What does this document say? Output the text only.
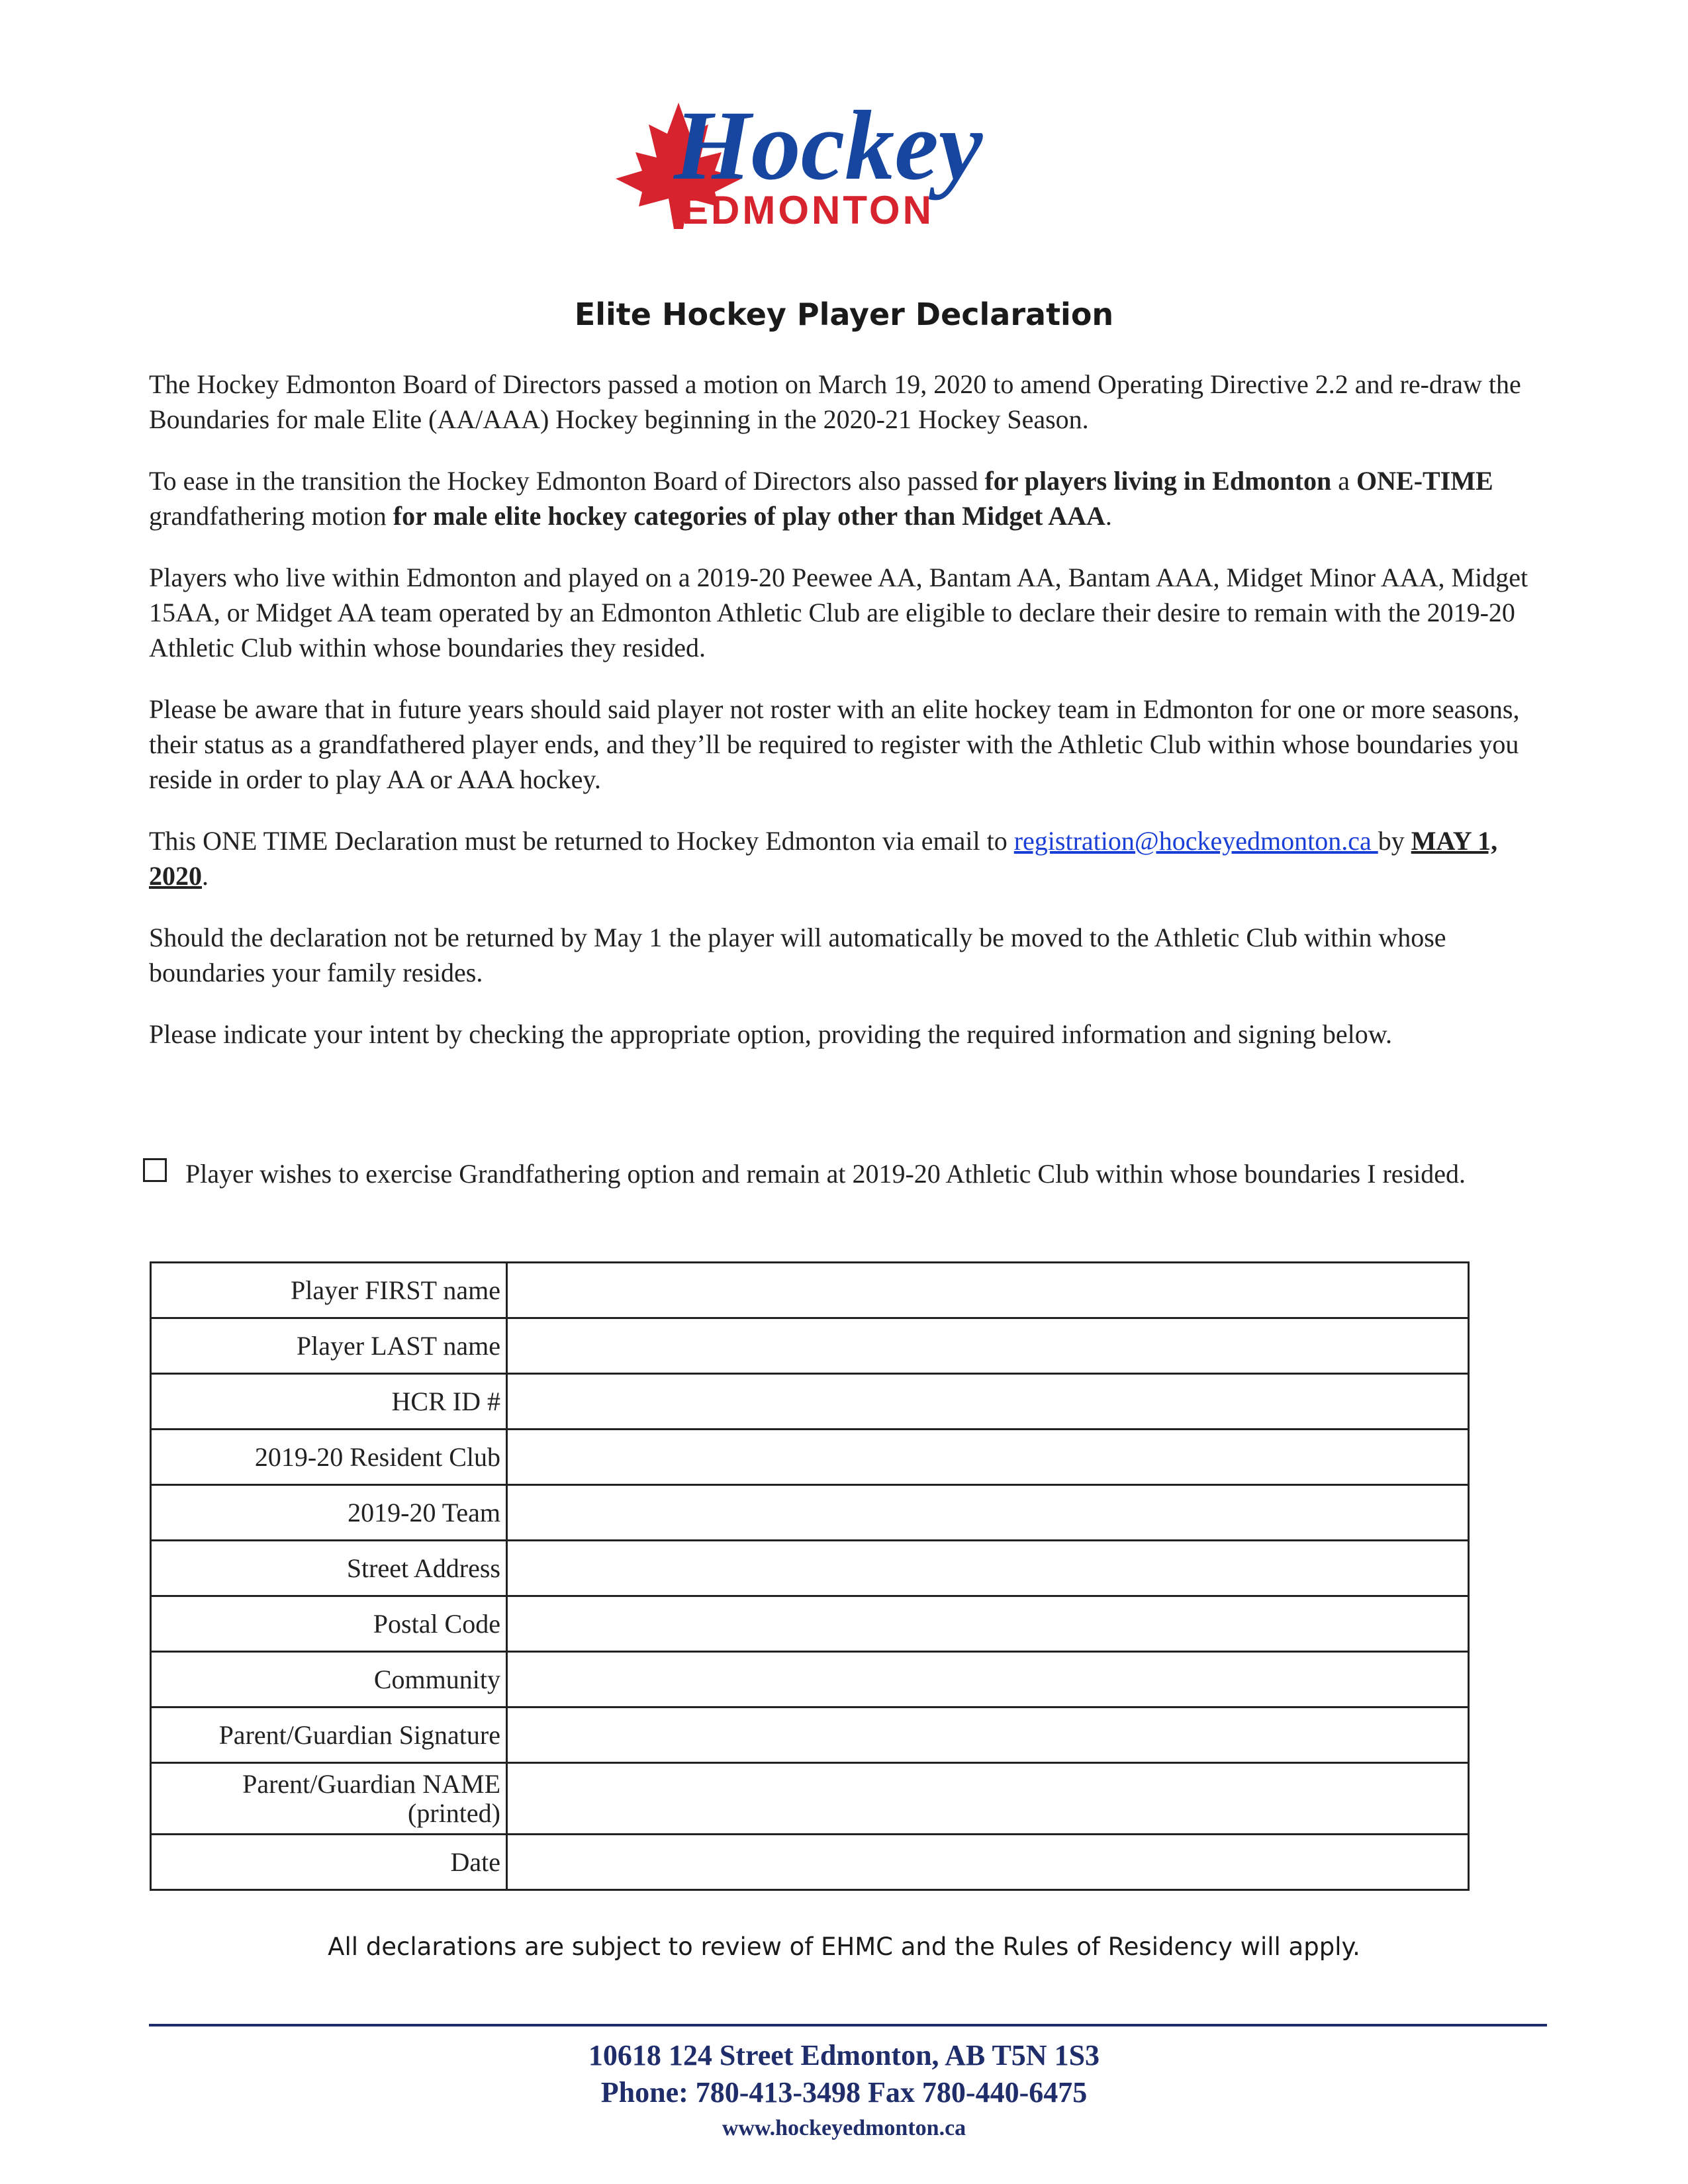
Hockey
EDMONTON
Elite Hockey Player Declaration

The Hockey Edmonton Board of Directors passed a motion on March 19, 2020 to amend Operating Directive 2.2 and re-draw the Boundaries for male Elite (AA/AAA) Hockey beginning in the 2020-21 Hockey Season.

To ease in the transition the Hockey Edmonton Board of Directors also passed for players living in Edmonton a ONE-TIME grandfathering motion for male elite hockey categories of play other than Midget AAA.

Players who live within Edmonton and played on a 2019-20 Peewee AA, Bantam AA, Bantam AAA, Midget Minor AAA, Midget 15AA, or Midget AA team operated by an Edmonton Athletic Club are eligible to declare their desire to remain with the 2019-20 Athletic Club within whose boundaries they resided.

Please be aware that in future years should said player not roster with an elite hockey team in Edmonton for one or more seasons, their status as a grandfathered player ends, and they’ll be required to register with the Athletic Club within whose boundaries you reside in order to play AA or AAA hockey.

This ONE TIME Declaration must be returned to Hockey Edmonton via email to registration@hockeyedmonton.ca by MAY 1, 2020.

Should the declaration not be returned by May 1 the player will automatically be moved to the Athletic Club within whose boundaries your family resides.

Please indicate your intent by checking the appropriate option, providing the required information and signing below.

Player wishes to exercise Grandfathering option and remain at 2019-20 Athletic Club within whose boundaries I resided.
Player FIRST name	
Player LAST name	
HCR ID #	
2019-20 Resident Club	
2019-20 Team	
Street Address	
Postal Code	
Community	
Parent/Guardian Signature	
Parent/Guardian NAME (printed)	
Date	
All declarations are subject to review of EHMC and the Rules of Residency will apply.
10618 124 Street Edmonton, AB T5N 1S3
Phone: 780-413-3498 Fax 780-440-6475
www.hockeyedmonton.ca
